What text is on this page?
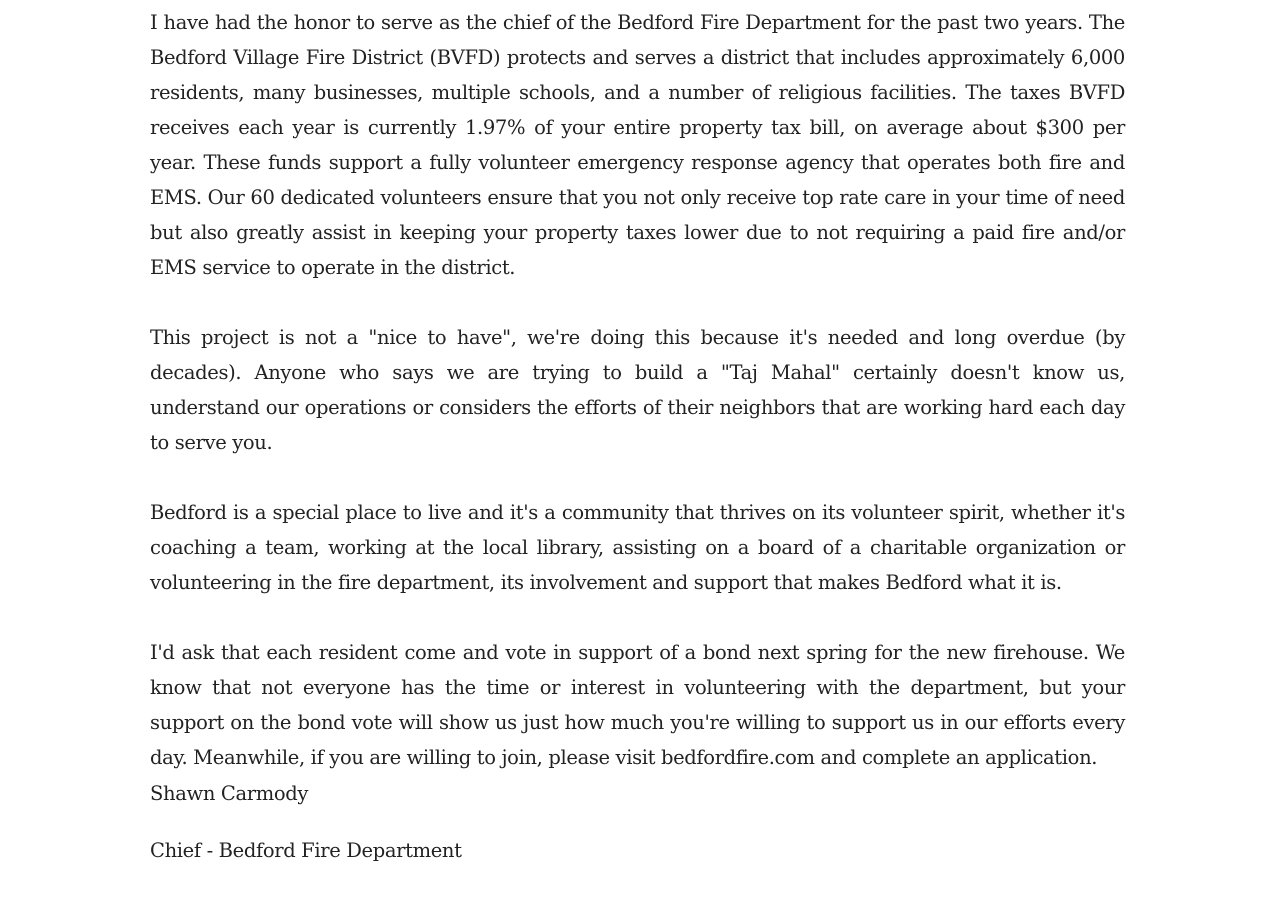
I have had the honor to serve as the chief of the Bedford Fire Department for the past two years. The Bedford Village Fire District (BVFD) protects and serves a district that includes approximately 6,000 residents, many businesses, multiple schools, and a number of religious facilities. The taxes BVFD receives each year is currently 1.97% of your entire property tax bill, on average about $300 per year. These funds support a fully volunteer emergency response agency that operates both fire and EMS. Our 60 dedicated volunteers ensure that you not only receive top rate care in your time of need but also greatly assist in keeping your property taxes lower due to not requiring a paid fire and/or EMS service to operate in the district.

This project is not a "nice to have", we're doing this because it's needed and long overdue (by decades). Anyone who says we are trying to build a "Taj Mahal" certainly doesn't know us, understand our operations or considers the efforts of their neighbors that are working hard each day to serve you.

Bedford is a special place to live and it's a community that thrives on its volunteer spirit, whether it's coaching a team, working at the local library, assisting on a board of a charitable organization or volunteering in the fire department, its involvement and support that makes Bedford what it is.

I'd ask that each resident come and vote in support of a bond next spring for the new firehouse. We know that not everyone has the time or interest in volunteering with the department, but your support on the bond vote will show us just how much you're willing to support us in our efforts every day. Meanwhile, if you are willing to join, please visit bedfordfire.com and complete an application.

Shawn Carmody

Chief - Bedford Fire Department
